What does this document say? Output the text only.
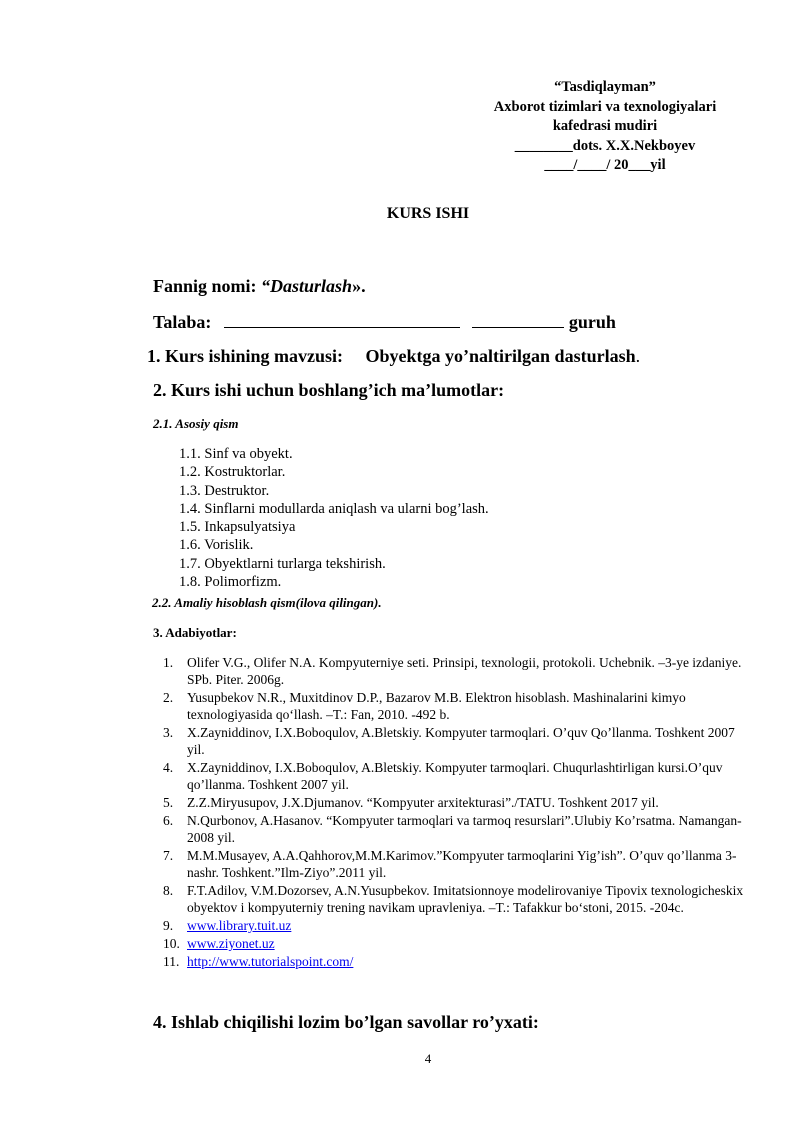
“Tasdiqlayman”
Axborot tizimlari va texnologiyalari
kafedrasi mudiri
________dots. X.X.Nekboyev
____/____/ 20___yil
KURS ISHI
Fannig nomi: “Dasturlash».
Talaba:	guruh
1. Kurs ishining mavzusi: Obyektga yo’naltirilgan dasturlash.
2. Kurs ishi uchun boshlang’ich ma’lumotlar:
2.1. Asosiy qism
1.1. Sinf va obyekt.
1.2. Kostruktorlar.
1.3. Destruktor.
1.4. Sinflarni modullarda aniqlash va ularni bog’lash.
1.5. Inkapsulyatsiya
1.6. Vorislik.
1.7. Obyektlarni turlarga tekshirish.
1.8. Polimorfizm.
2.2. Amaliy hisoblash qism(ilova qilingan).
3. Adabiyotlar:
1.	Olifer V.G., Olifer N.A. Kompyuterniye seti. Prinsipi, texnologii, protokoli. Uchebnik. –3-ye izdaniye. SPb. Piter. 2006g.
2.	Yusupbekov N.R., Muxitdinov D.P., Bazarov M.B. Elektron hisoblash. Mashinalarini kimyo texnologiyasida qo‘llash. –T.: Fan, 2010. -492 b.
3.	X.Zayniddinov, I.X.Boboqulov, A.Bletskiy. Kompyuter tarmoqlari. O’quv Qo’llanma. Toshkent 2007 yil.
4.	X.Zayniddinov, I.X.Boboqulov, A.Bletskiy. Kompyuter tarmoqlari. Chuqurlashtirligan kursi.O’quv qo’llanma. Toshkent 2007 yil.
5.	Z.Z.Miryusupov, J.X.Djumanov. “Kompyuter arxitekturasi”./TATU. Toshkent 2017 yil.
6.	N.Qurbonov, A.Hasanov. “Kompyuter tarmoqlari va tarmoq resurslari”.Ulubiy Ko’rsatma. Namangan-2008 yil.
7.	M.M.Musayev, A.A.Qahhorov,M.M.Karimov.”Kompyuter tarmoqlarini Yig’ish”. O’quv qo’llanma 3-nashr. Toshkent.”Ilm-Ziyo”.2011 yil.
8.	F.T.Adilov, V.M.Dozorsev, A.N.Yusupbekov. Imitatsionnoye modelirovaniye Tipovix texnologicheskix obyektov i kompyuterniy trening navikam upravleniya. –T.: Tafakkur bo‘stoni, 2015. -204c.
9.	www.library.tuit.uz
10. www.ziyonet.uz
11. http://www.tutorialspoint.com/
4. Ishlab chiqilishi lozim bo’lgan savollar ro’yxati:
4
